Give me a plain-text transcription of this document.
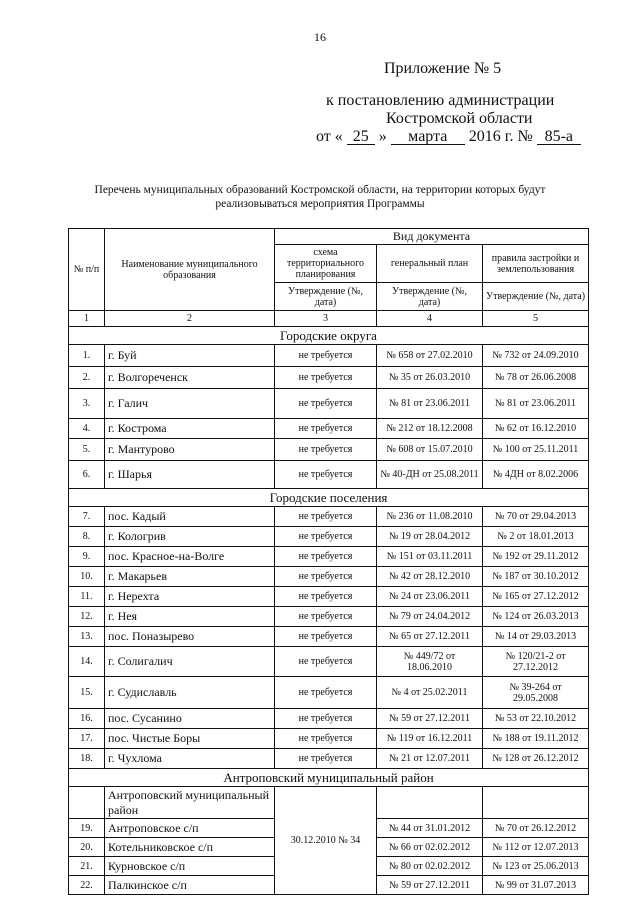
16
Приложение № 5
к постановлению администрации
Костромской области
от « 25 » марта 2016 г. № 85-а
Перечень муниципальных образований Костромской области, на территории которых будут реализовываться мероприятия Программы
№ п/п	Наименование муниципального образования	Вид документа		
		схема территориального планирования	генеральный план	правила застройки и землепользования
		Утверждение (№, дата)	Утверждение (№, дата)	Утверждение (№, дата)
1	2	3	4	5
Городские округа				
1.	г. Буй	не требуется	№ 658 от 27.02.2010	№ 732 от 24.09.2010
2.	г. Волгореченск	не требуется	№ 35 от 26.03.2010	№ 78 от 26.06.2008
3.	г. Галич	не требуется	№ 81 от 23.06.2011	№ 81 от 23.06.2011
4.	г. Кострома	не требуется	№ 212 от 18.12.2008	№ 62 от 16.12.2010
5.	г. Мантурово	не требуется	№ 608 от 15.07.2010	№ 100 от 25.11.2011
6.	г. Шарья	не требуется	№ 40-ДН от 25.08.2011	№ 4ДН от 8.02.2006
Городские поселения				
7.	пос. Кадый	не требуется	№ 236 от 11.08.2010	№ 70 от 29.04.2013
8.	г. Кологрив	не требуется	№ 19 от 28.04.2012	№ 2 от 18.01.2013
9.	пос. Красное-на-Волге	не требуется	№ 151 от 03.11.2011	№ 192 от 29.11.2012
10.	г. Макарьев	не требуется	№ 42 от 28.12.2010	№ 187 от 30.10.2012
11.	г. Нерехта	не требуется	№ 24 от 23.06.2011	№ 165 от 27.12.2012
12.	г. Нея	не требуется	№ 79 от 24.04.2012	№ 124 от 26.03.2013
13.	пос. Поназырево	не требуется	№ 65 от 27.12.2011	№ 14 от 29.03.2013
14.	г. Солигалич	не требуется	№ 449/72 от 18.06.2010	№ 120/21-2 от 27.12.2012
15.	г. Судиславль	не требуется	№ 4 от 25.02.2011	№ 39-264 от 29.05.2008
16.	пос. Сусанино	не требуется	№ 59 от 27.12.2011	№ 53 от 22.10.2012
17.	пос. Чистые Боры	не требуется	№ 119 от 16.12.2011	№ 188 от 19.11.2012
18.	г. Чухлома	не требуется	№ 21 от 12.07.2011	№ 128 от 26.12.2012
Антроповский муниципальный район				
	Антроповский муниципальный район	30.12.2010 № 34		
19.	Антроповское с/п		№ 44 от 31.01.2012	№ 70 от 26.12.2012
20.	Котельниковское с/п		№ 66 от 02.02.2012	№ 112 от 12.07.2013
21.	Курновское с/п		№ 80 от 02.02.2012	№ 123 от 25.06.2013
22.	Палкинское с/п		№ 59 от 27.12.2011	№ 99 от 31.07.2013
